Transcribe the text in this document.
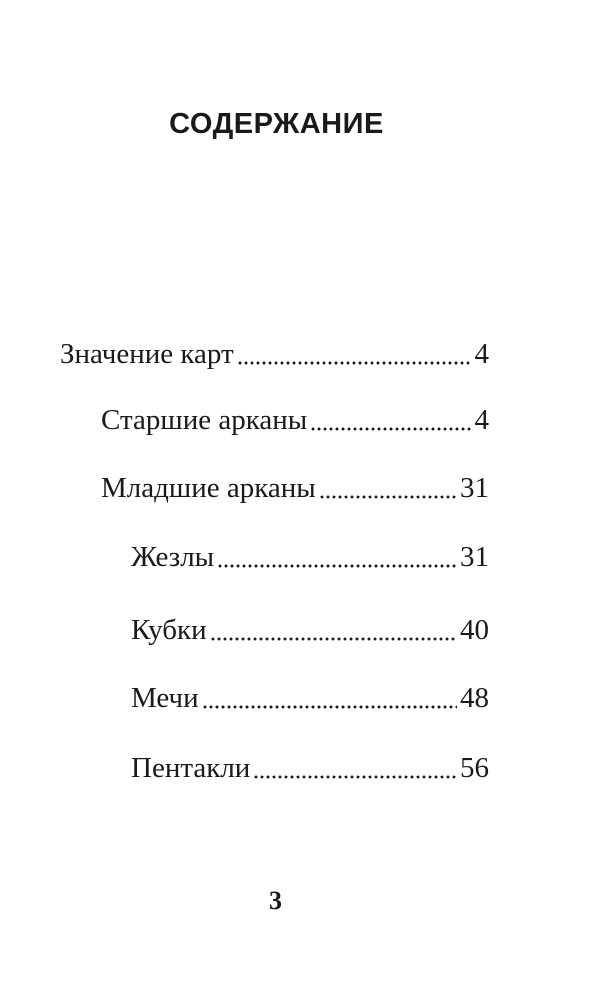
СОДЕРЖАНИЕ
Значение карт	4
Старшие арканы	4
Младшие арканы	31
Жезлы	31
Кубки	40
Мечи	48
Пентакли	56
3
